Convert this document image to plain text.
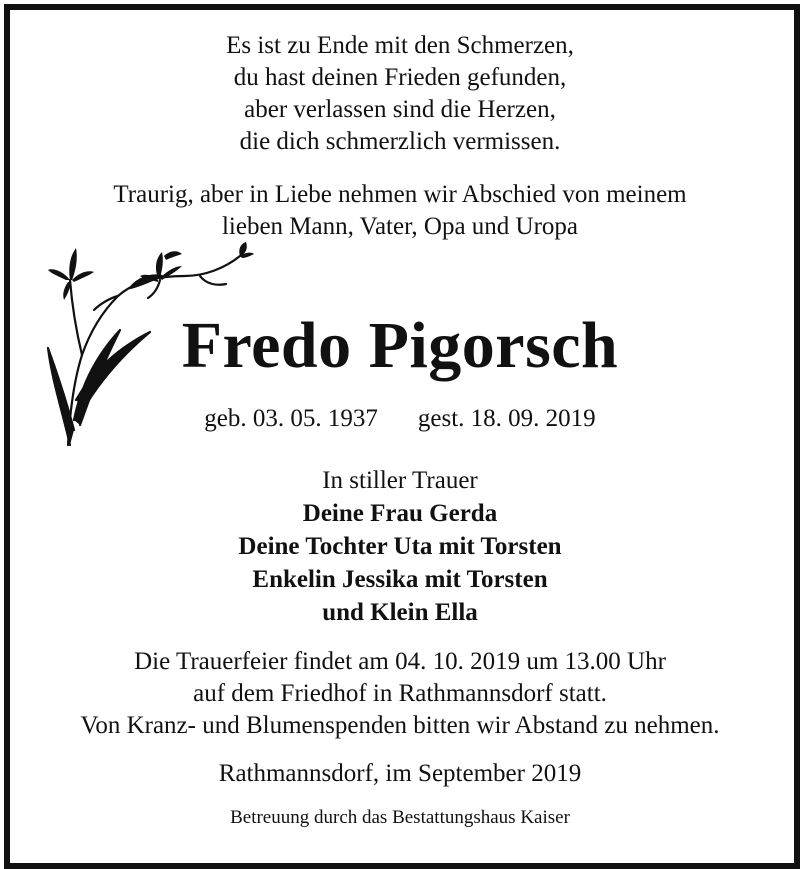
Es ist zu Ende mit den Schmerzen,
du hast deinen Frieden gefunden,
aber verlassen sind die Herzen,
die dich schmerzlich vermissen.
Traurig, aber in Liebe nehmen wir Abschied von meinem
lieben Mann, Vater, Opa und Uropa
Fredo Pigorsch
geb. 03. 05. 1937 gest. 18. 09. 2019
In stiller Trauer
Deine Frau Gerda
Deine Tochter Uta mit Torsten
Enkelin Jessika mit Torsten
und Klein Ella
Die Trauerfeier findet am 04. 10. 2019 um 13.00 Uhr
auf dem Friedhof in Rathmannsdorf statt.
Von Kranz- und Blumenspenden bitten wir Abstand zu nehmen.
Rathmannsdorf, im September 2019
Betreuung durch das Bestattungshaus Kaiser
